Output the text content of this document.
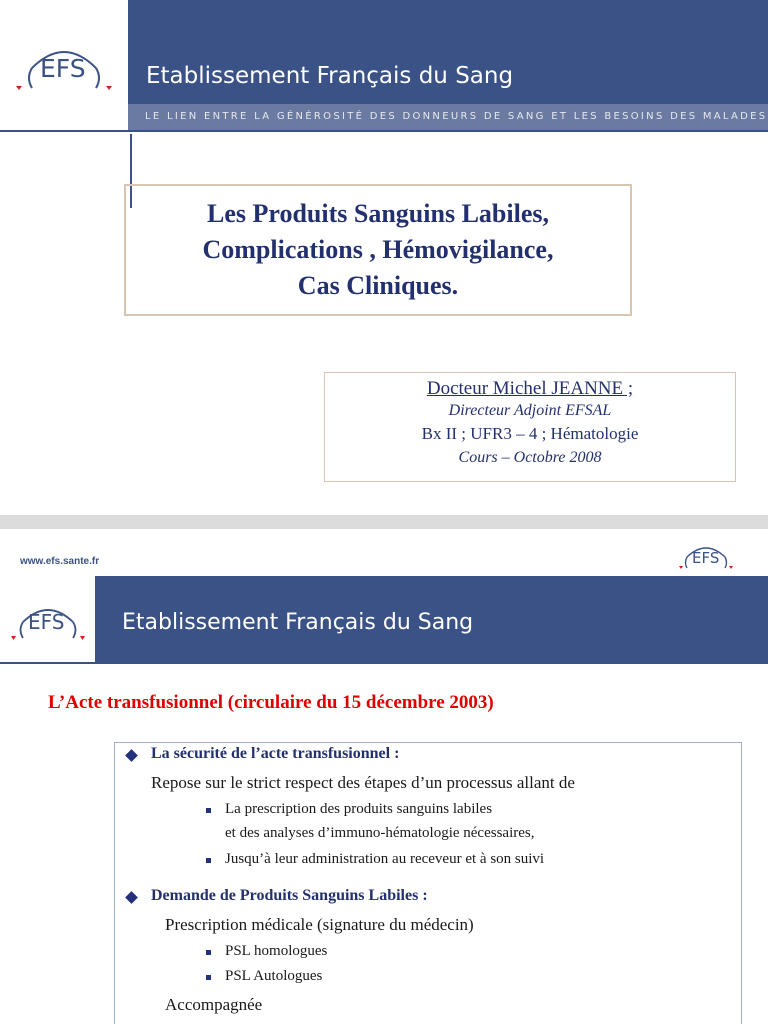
EFS	Etablissement Français du Sang
LE LIEN ENTRE LA GÉNÉROSITÉ DES DONNEURS DE SANG ET LES BESOINS DES MALADES
Les Produits Sanguins Labiles,
Complications , Hémovigilance,
Cas Cliniques.
Docteur Michel JEANNE ;
Directeur Adjoint EFSAL
Bx II ; UFR3 – 4 ; Hématologie
Cours – Octobre 2008
www.efs.sante.fr	EFS
EFS	Etablissement Français du Sang
L’Acte transfusionnel (circulaire du 15 décembre 2003)
La sécurité de l’acte transfusionnel :
Repose sur le strict respect des étapes d’un processus allant de
La prescription des produits sanguins labiles
et des analyses d’immuno-hématologie nécessaires,
Jusqu’à leur administration au receveur et à son suivi
Demande de Produits Sanguins Labiles :
Prescription médicale (signature du médecin)
PSL homologues
PSL Autologues
Accompagnée
